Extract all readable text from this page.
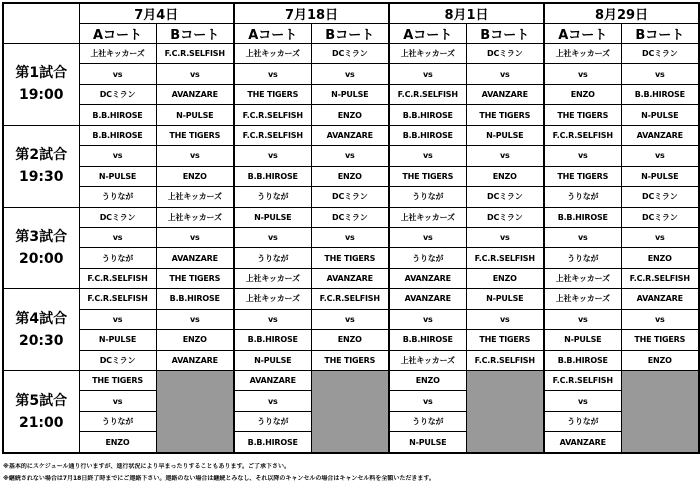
	7月4日		7月18日		8月1日		8月29日	
	Aコート	Bコート	Aコート	Bコート	Aコート	Bコート	Aコート	Bコート

第1試合
19:00	上社キッカーズ	F.C.R.SELFISH	上社キッカーズ	DCミラン	上社キッカーズ	DCミラン	上社キッカーズ	DCミラン
	vs	vs	vs	vs	vs	vs	vs	vs
	DCミラン	AVANZARE	THE TIGERS	N-PULSE	F.C.R.SELFISH	AVANZARE	ENZO	B.B.HIROSE
	B.B.HIROSE	N-PULSE	F.C.R.SELFISH	ENZO	B.B.HIROSE	THE TIGERS	THE TIGERS	N-PULSE

第2試合
19:30	B.B.HIROSE	THE TIGERS	F.C.R.SELFISH	AVANZARE	B.B.HIROSE	N-PULSE	F.C.R.SELFISH	AVANZARE
	vs	vs	vs	vs	vs	vs	vs	vs
	N-PULSE	ENZO	B.B.HIROSE	ENZO	THE TIGERS	ENZO	THE TIGERS	N-PULSE
	うりなが	上社キッカーズ	うりなが	DCミラン	うりなが	DCミラン	うりなが	DCミラン

第3試合
20:00	DCミラン	上社キッカーズ	N-PULSE	DCミラン	上社キッカーズ	DCミラン	B.B.HIROSE	DCミラン
	vs	vs	vs	vs	vs	vs	vs	vs
	うりなが	AVANZARE	うりなが	THE TIGERS	うりなが	F.C.R.SELFISH	うりなが	ENZO
	F.C.R.SELFISH	THE TIGERS	上社キッカーズ	AVANZARE	AVANZARE	ENZO	上社キッカーズ	F.C.R.SELFISH

第4試合
20:30	F.C.R.SELFISH	B.B.HIROSE	上社キッカーズ	F.C.R.SELFISH	AVANZARE	N-PULSE	上社キッカーズ	AVANZARE
	vs	vs	vs	vs	vs	vs	vs	vs
	N-PULSE	ENZO	B.B.HIROSE	ENZO	B.B.HIROSE	THE TIGERS	N-PULSE	THE TIGERS
	DCミラン	AVANZARE	N-PULSE	THE TIGERS	上社キッカーズ	F.C.R.SELFISH	B.B.HIROSE	ENZO

第5試合
21:00	THE TIGERS		AVANZARE		ENZO		F.C.R.SELFISH	
	vs		vs		vs		vs	
	うりなが		うりなが		うりなが		うりなが	
	ENZO		B.B.HIROSE		N-PULSE		AVANZARE	
※基本的にスケジュール通り行いますが、進行状況により早まったりすることもあります。ご了承下さい。
※継続されない場合は7月18日終了時までにご連絡下さい。連絡のない場合は継続とみなし、それ以降のキャンセルの場合はキャンセル料を全額いただきます。
